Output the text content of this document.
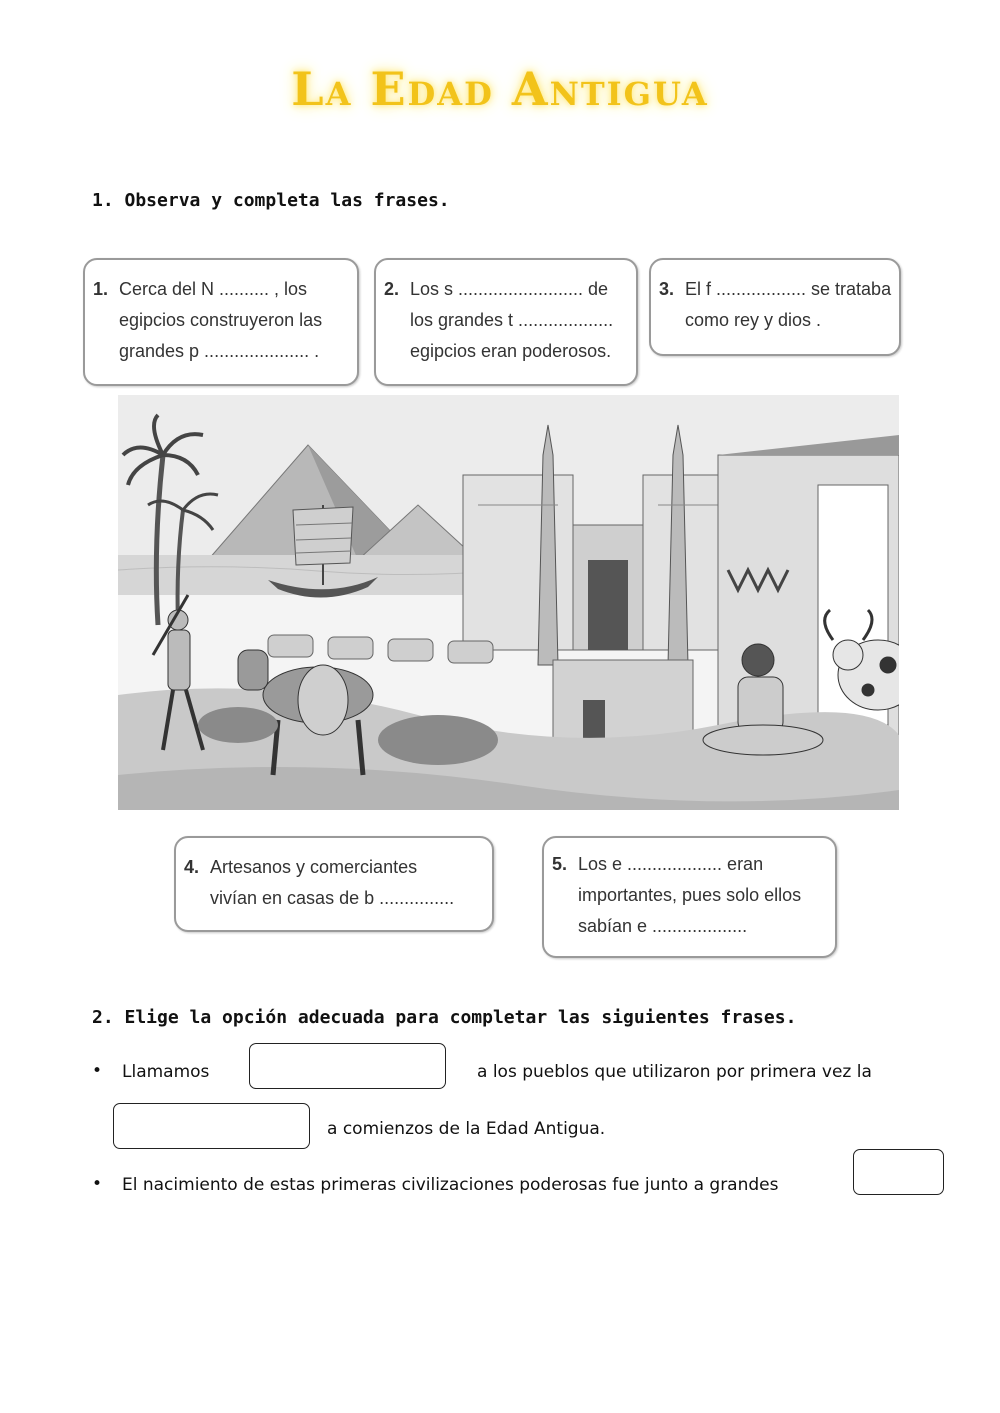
La Edad Antigua
1. Observa y completa las frases.
1. Cerca del N .......... , los
egipcios construyeron las
grandes p ..................... .
2. Los s ......................... de
los grandes t ...................
egipcios eran poderosos.
3. El f .................. se trataba
como rey y dios .
4. Artesanos y comerciantes
vivían en casas de b ...............
5. Los e ................... eran
importantes, pues solo ellos
sabían e ...................
2. Elige la opción adecuada para completar las siguientes frases.
• Llamamos	a los pueblos que utilizaron por primera vez la
a comienzos de la Edad Antigua.
• El nacimiento de estas primeras civilizaciones poderosas fue junto a grandes
